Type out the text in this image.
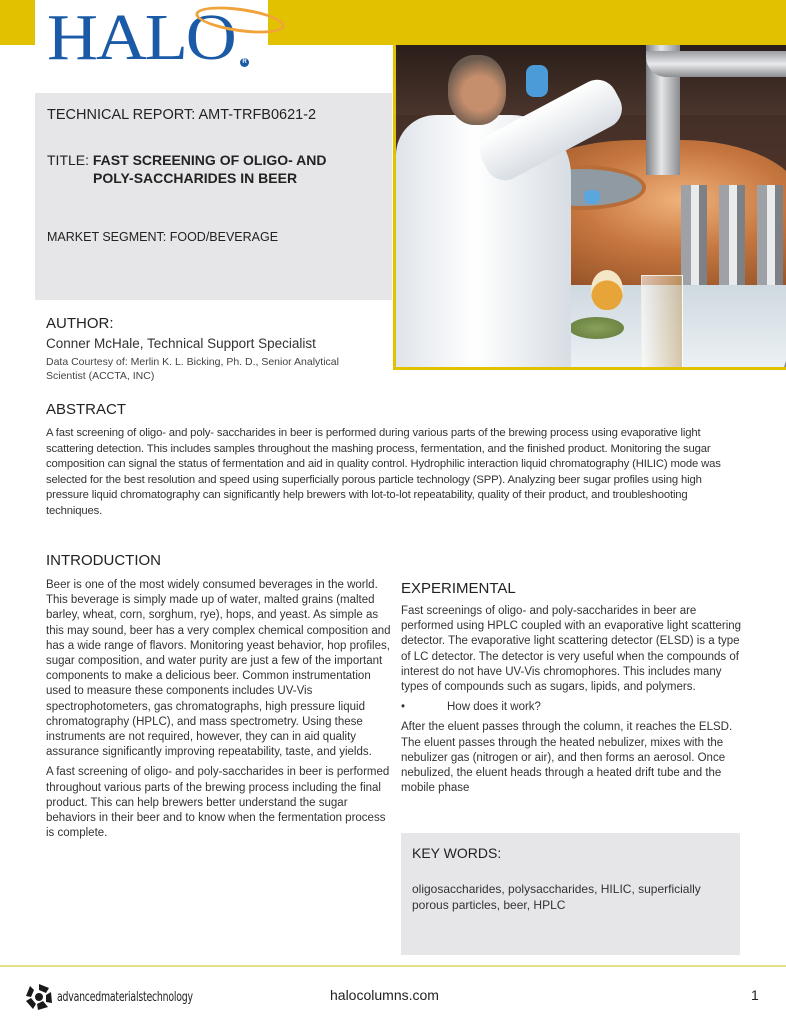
HALO	R
TECHNICAL REPORT: AMT-TRFB0621-2
TITLE: FAST SCREENING OF OLIGO- AND
POLY-SACCHARIDES IN BEER
MARKET SEGMENT: FOOD/BEVERAGE
AUTHOR:
Conner McHale, Technical Support Specialist
Data Courtesy of: Merlin K. L. Bicking, Ph. D., Senior Analytical Scientist (ACCTA, INC)
ABSTRACT
A fast screening of oligo- and poly- saccharides in beer is performed during various parts of the brewing process using evaporative light scattering detection. This includes samples throughout the mashing process, fermentation, and the finished product. Monitoring the sugar composition can signal the status of fermentation and aid in quality control. Hydrophilic interaction liquid chromatography (HILIC) mode was selected for the best resolution and speed using superficially porous particle technology (SPP). Analyzing beer sugar profiles using high pressure liquid chromatography can significantly help brewers with lot-to-lot repeatability, quality of their product, and troubleshooting techniques.
INTRODUCTION

Beer is one of the most widely consumed beverages in the world. This beverage is simply made up of water, malted grains (malted barley, wheat, corn, sorghum, rye), hops, and yeast. As simple as this may sound, beer has a very complex chemical composition and has a wide range of flavors. Monitoring yeast behavior, hop profiles, sugar composition, and water purity are just a few of the important components to make a delicious beer. Common instrumentation used to measure these components includes UV-Vis spectrophotometers, gas chromatographs, high pressure liquid chromatography (HPLC), and mass spectrometry. Using these instruments are not required, however, they can in aid quality assurance significantly improving repeatability, taste, and yields.

A fast screening of oligo- and poly-saccharides in beer is performed throughout various parts of the brewing process including the final product. This can help brewers better understand the sugar behaviors in their beer and to know when the fermentation process is complete.

EXPERIMENTAL

Fast screenings of oligo- and poly-saccharides in beer are performed using HPLC coupled with an evaporative light scattering detector. The evaporative light scattering detector (ELSD) is a type of LC detector. The detector is very useful when the compounds of interest do not have UV-Vis chromophores. This includes many types of compounds such as sugars, lipids, and polymers.

•	How does it work?

After the eluent passes through the column, it reaches the ELSD. The eluent passes through the heated nebulizer, mixes with the nebulizer gas (nitrogen or air), and then forms an aerosol. Once nebulized, the eluent heads through a heated drift tube and the mobile phase

KEY WORDS:
oligosaccharides, polysaccharides, HILIC, superficially porous particles, beer, HPLC
advancedmaterialstechnology	halocolumns.com	1
